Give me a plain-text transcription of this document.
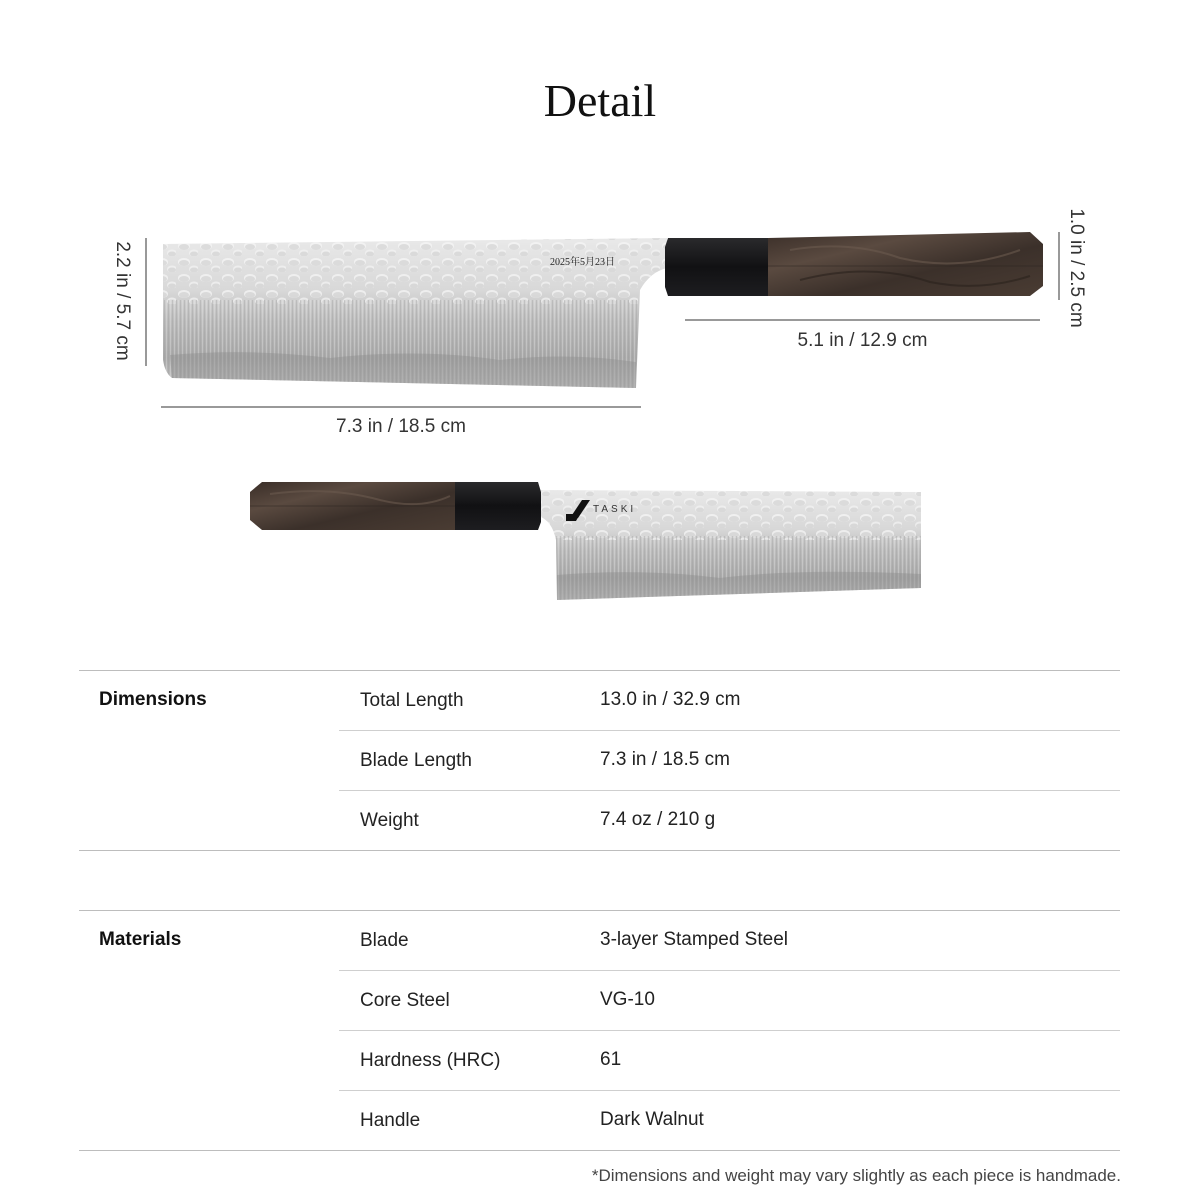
Detail
2025年5月23日
TASKI
2.2 in / 5.7 cm
7.3 in / 18.5 cm
5.1 in / 12.9 cm
1.0 in / 2.5 cm
Dimensions	Total Length	13.0 in / 32.9 cm
Blade Length	7.3 in / 18.5 cm
Weight	7.4 oz / 210 g
Materials	Blade	3-layer Stamped Steel
Core Steel	VG-10
Hardness (HRC)	61
Handle	Dark Walnut
*Dimensions and weight may vary slightly as each piece is handmade.
